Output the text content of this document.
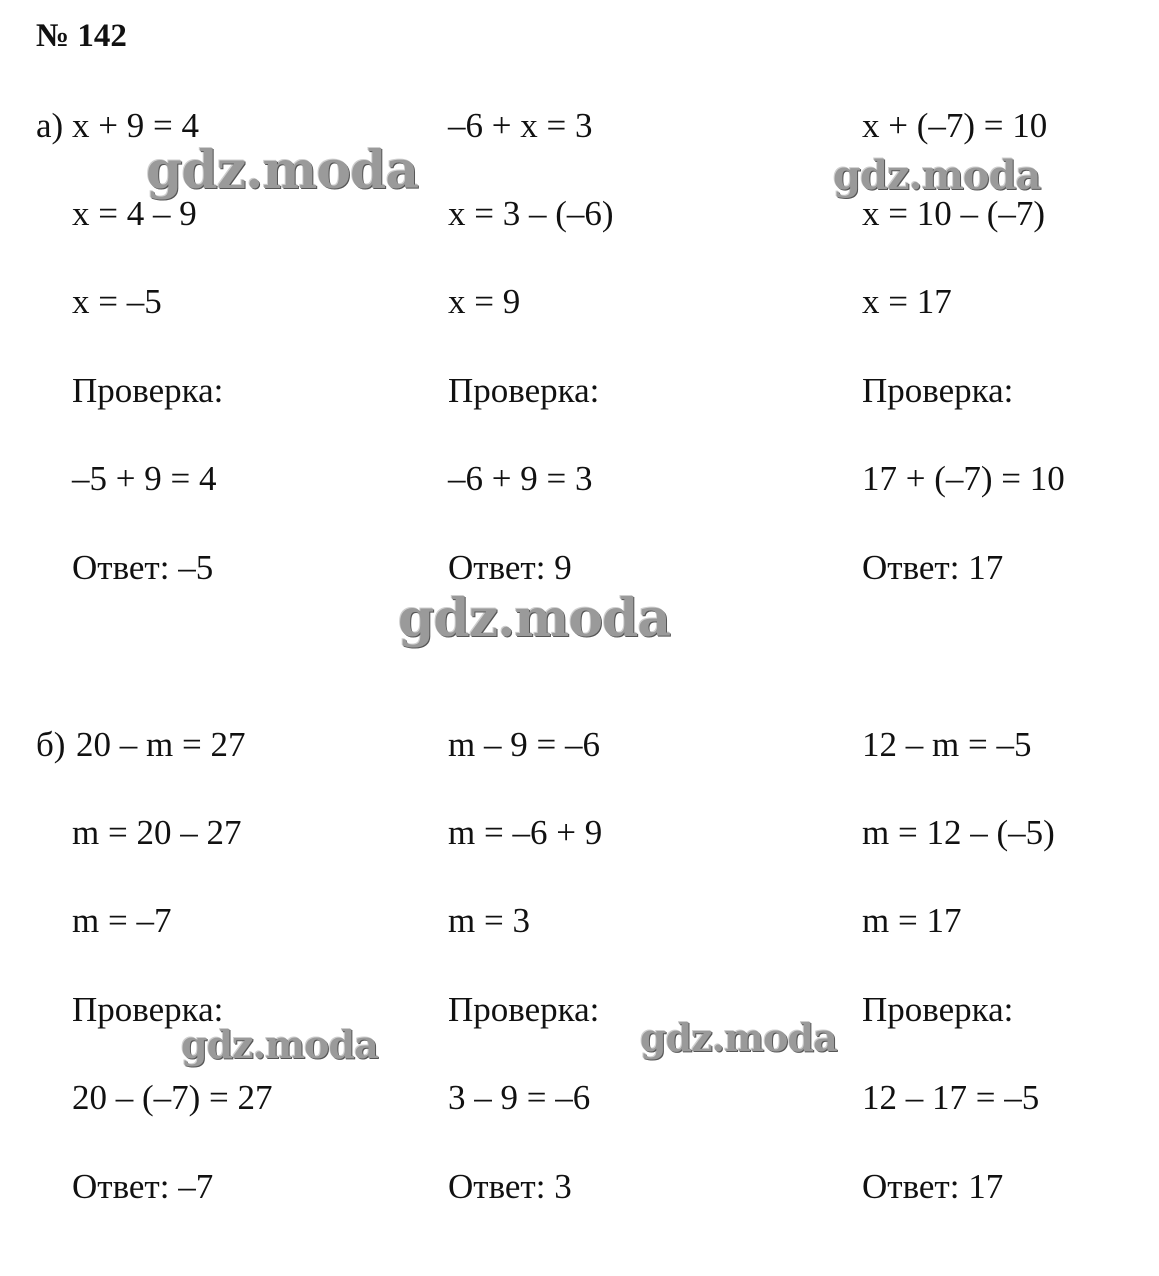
№ 142
а) x + 9 = 4
x = 4 – 9
x = –5
Проверка:
–5 + 9 = 4
Ответ: –5
–6 + x = 3
x = 3 – (–6)
x = 9
Проверка:
–6 + 9 = 3
Ответ: 9
x + (–7) = 10
x = 10 – (–7)
x = 17
Проверка:
17 + (–7) = 10
Ответ: 17
б) 20 – m = 27
m = 20 – 27
m = –7
Проверка:
20 – (–7) = 27
Ответ: –7
m – 9 = –6
m = –6 + 9
m = 3
Проверка:
3 – 9 = –6
Ответ: 3
12 – m = –5
m = 12 – (–5)
m = 17
Проверка:
12 – 17 = –5
Ответ: 17
gdz.moda	gdz.moda
gdz.moda
gdz.moda	gdz.moda
